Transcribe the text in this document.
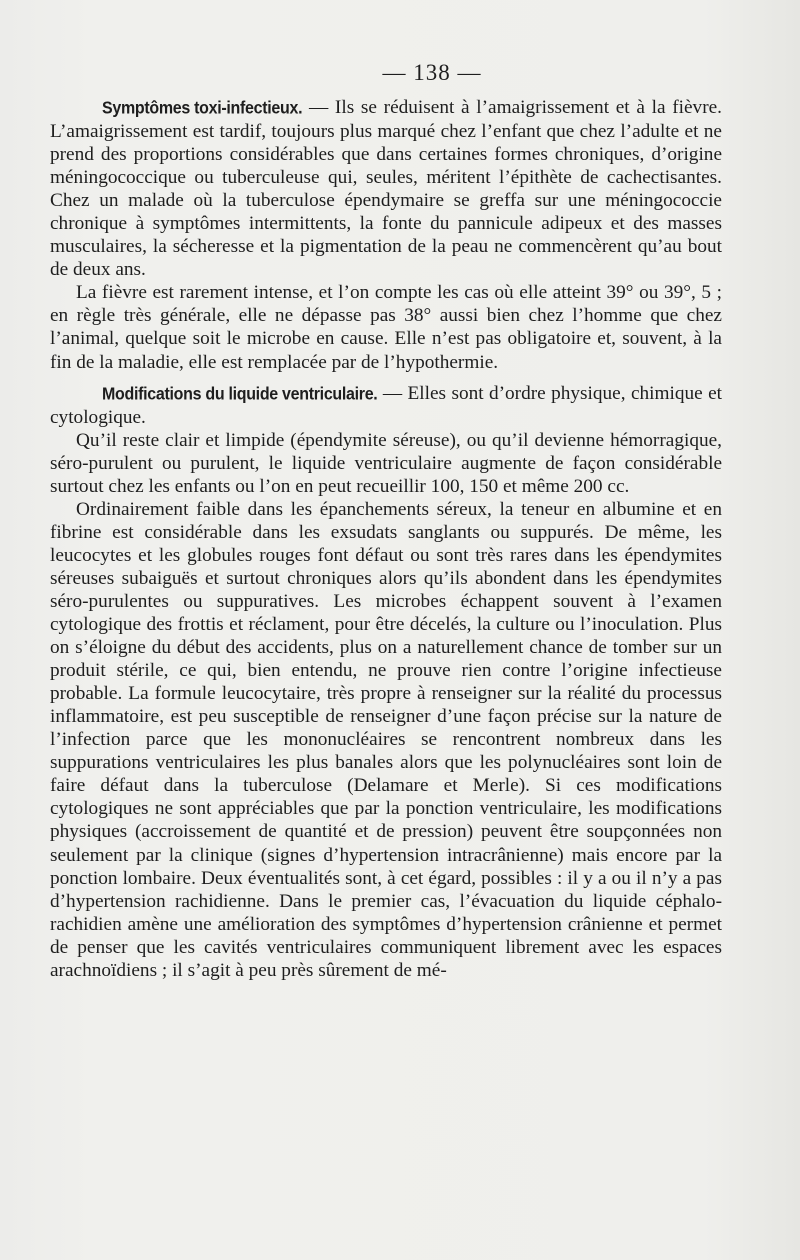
— 138 —

Symptômes toxi-infectieux. — Ils se réduisent à l’amaigrissement et à la fièvre. L’amaigrissement est tardif, toujours plus marqué chez l’enfant que chez l’adulte et ne prend des proportions considérables que dans certaines formes chroniques, d’origine méningococcique ou tuberculeuse qui, seules, méritent l’épithète de cachectisantes. Chez un malade où la tuberculose épendymaire se greffa sur une méningococcie chronique à symptômes intermittents, la fonte du pannicule adipeux et des masses musculaires, la sécheresse et la pigmentation de la peau ne commencèrent qu’au bout de deux ans.

La fièvre est rarement intense, et l’on compte les cas où elle atteint 39° ou 39°, 5 ; en règle très générale, elle ne dépasse pas 38° aussi bien chez l’homme que chez l’animal, quelque soit le microbe en cause. Elle n’est pas obligatoire et, souvent, à la fin de la maladie, elle est remplacée par de l’hypothermie.

Modifications du liquide ventriculaire. — Elles sont d’ordre physique, chimique et cytologique.

Qu’il reste clair et limpide (épendymite séreuse), ou qu’il devienne hémorragique, séro-purulent ou purulent, le liquide ventriculaire augmente de façon considérable surtout chez les enfants ou l’on en peut recueillir 100, 150 et même 200 cc.

Ordinairement faible dans les épanchements séreux, la teneur en albumine et en fibrine est considérable dans les exsudats sanglants ou suppurés. De même, les leucocytes et les globules rouges font défaut ou sont très rares dans les épendymites séreuses subaiguës et surtout chroniques alors qu’ils abondent dans les épendymites séro-purulentes ou suppuratives. Les microbes échappent souvent à l’examen cytologique des frottis et réclament, pour être décelés, la culture ou l’inoculation. Plus on s’éloigne du début des accidents, plus on a naturellement chance de tomber sur un produit stérile, ce qui, bien entendu, ne prouve rien contre l’origine infectieuse probable. La formule leucocytaire, très propre à renseigner sur la réalité du processus inflammatoire, est peu susceptible de renseigner d’une façon précise sur la nature de l’infection parce que les mononucléaires se rencontrent nombreux dans les suppurations ventriculaires les plus banales alors que les polynucléaires sont loin de faire défaut dans la tuberculose (Delamare et Merle). Si ces modifications cytologiques ne sont appréciables que par la ponction ventriculaire, les modifications physiques (accroissement de quantité et de pression) peuvent être soupçonnées non seulement par la clinique (signes d’hypertension intracrânienne) mais encore par la ponction lombaire. Deux éventualités sont, à cet égard, possibles : il y a ou il n’y a pas d’hypertension rachidienne. Dans le premier cas, l’évacuation du liquide céphalo-rachidien amène une amélioration des symptômes d’hypertension crânienne et permet de penser que les cavités ventriculaires communiquent librement avec les espaces arachnoïdiens ; il s’agit à peu près sûrement de mé-
